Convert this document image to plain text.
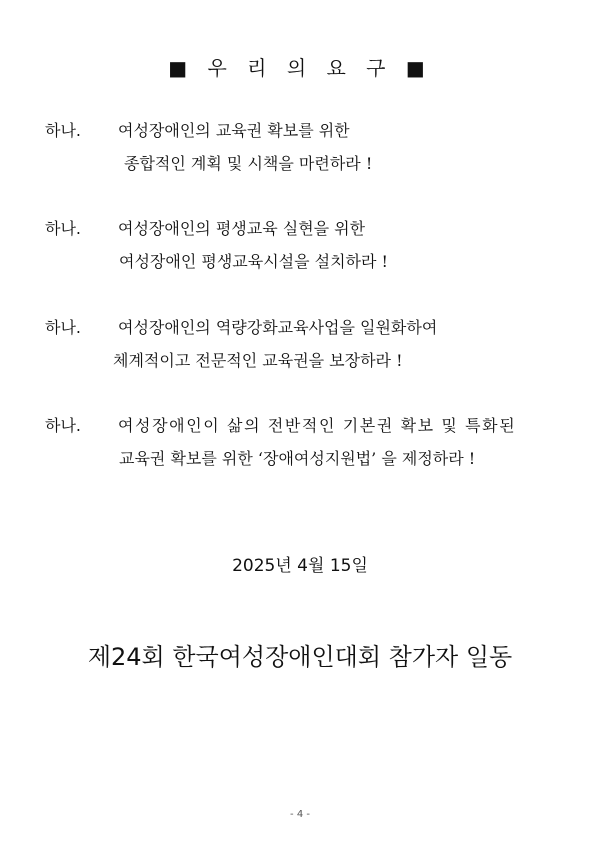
■ 우 리 의 요 구 ■
하나. 여성장애인의 교육권 확보를 위한
종합적인 계획 및 시책을 마련하라 !
하나. 여성장애인의 평생교육 실현을 위한
여성장애인 평생교육시설을 설치하라 !
하나. 여성장애인의 역량강화교육사업을 일원화하여
체계적이고 전문적인 교육권을 보장하라 !
하나. 여성장애인이 삶의 전반적인 기본권 확보 및 특화된
교육권 확보를 위한 ‘장애여성지원법’ 을 제정하라 !
2025년 4월 15일
제24회 한국여성장애인대회 참가자 일동
- 4 -
